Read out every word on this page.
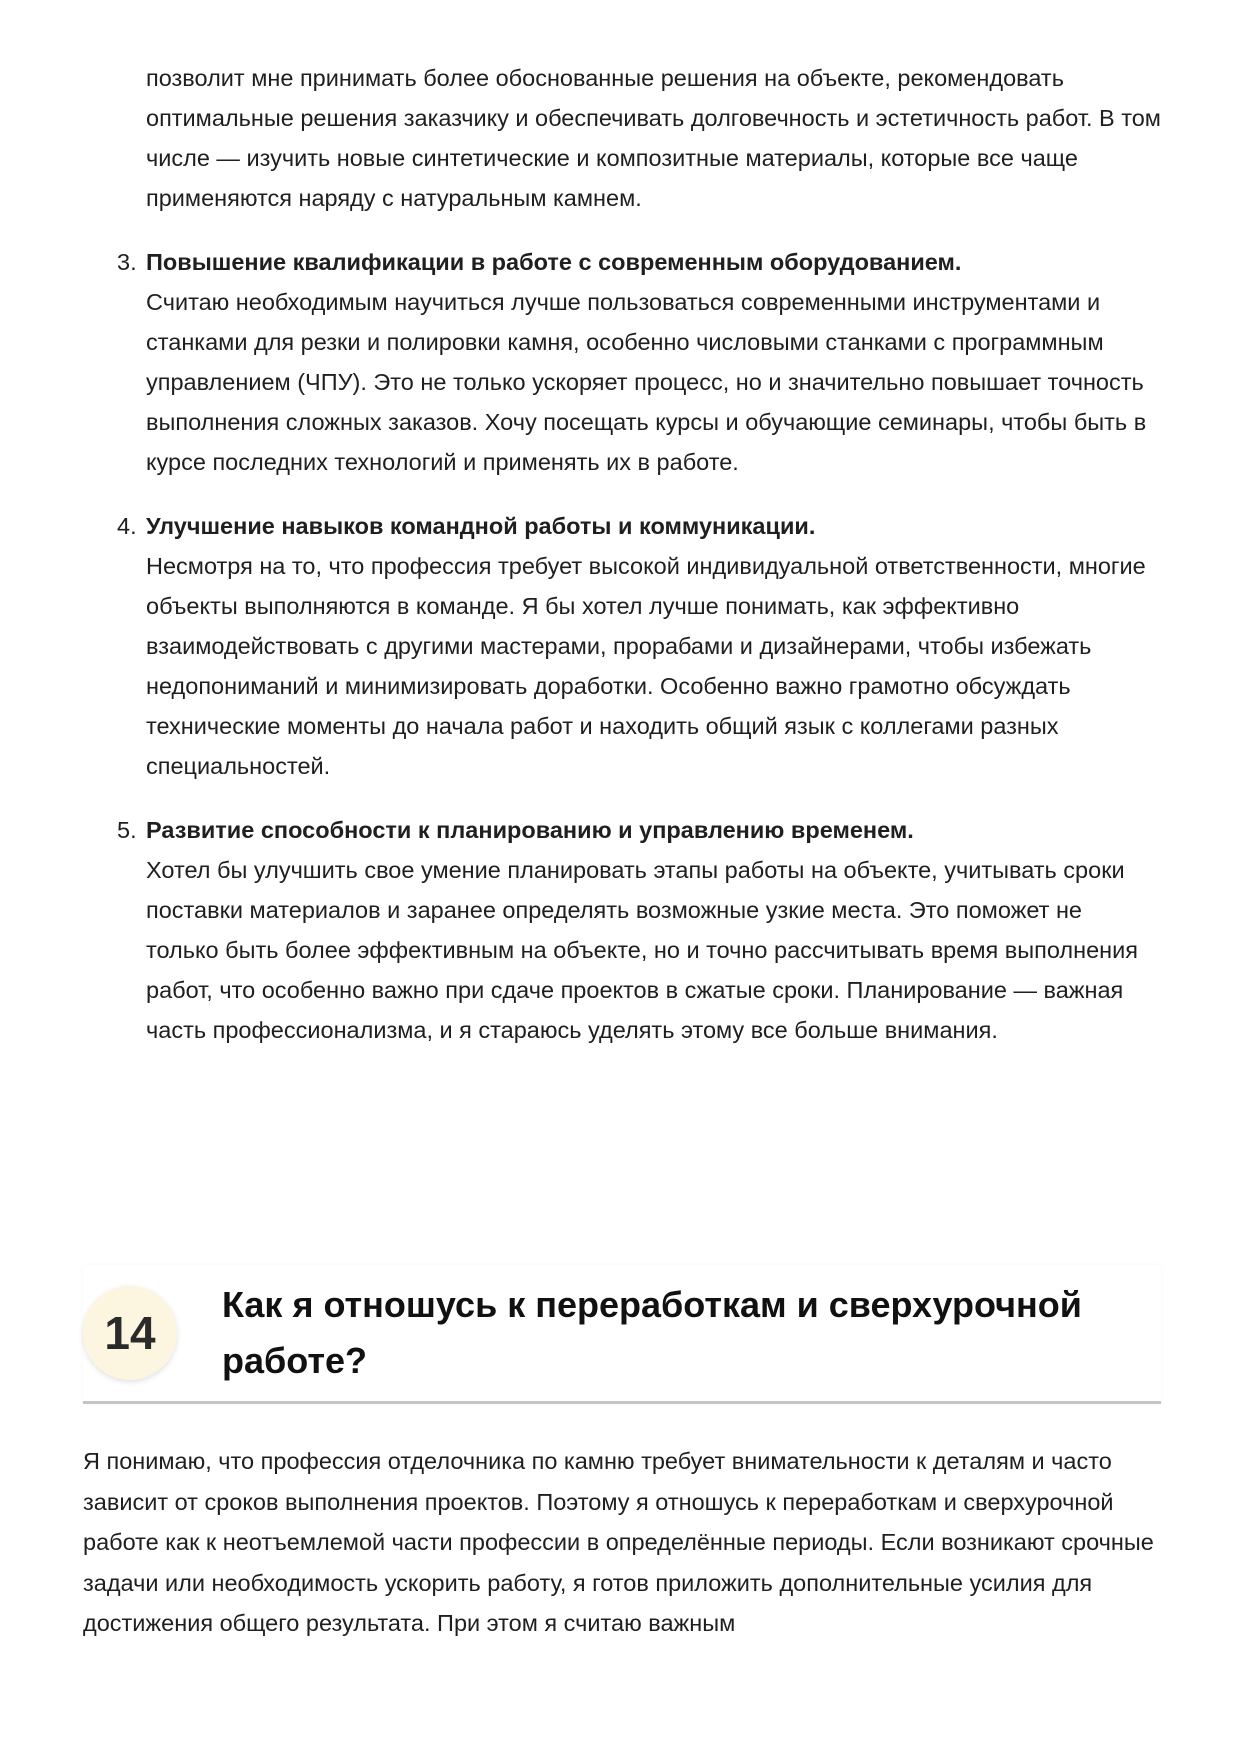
позволит мне принимать более обоснованные решения на объекте, рекомендовать оптимальные решения заказчику и обеспечивать долговечность и эстетичность работ. В том числе — изучить новые синтетические и композитные материалы, которые все чаще применяются наряду с натуральным камнем.

3. Повышение квалификации в работе с современным оборудованием.
Считаю необходимым научиться лучше пользоваться современными инструментами и станками для резки и полировки камня, особенно числовыми станками с программным управлением (ЧПУ). Это не только ускоряет процесс, но и значительно повышает точность выполнения сложных заказов. Хочу посещать курсы и обучающие семинары, чтобы быть в курсе последних технологий и применять их в работе.
4. Улучшение навыков командной работы и коммуникации.
Несмотря на то, что профессия требует высокой индивидуальной ответственности, многие объекты выполняются в команде. Я бы хотел лучше понимать, как эффективно взаимодействовать с другими мастерами, прорабами и дизайнерами, чтобы избежать недопониманий и минимизировать доработки. Особенно важно грамотно обсуждать технические моменты до начала работ и находить общий язык с коллегами разных специальностей.
5. Развитие способности к планированию и управлению временем.
Хотел бы улучшить свое умение планировать этапы работы на объекте, учитывать сроки поставки материалов и заранее определять возможные узкие места. Это поможет не только быть более эффективным на объекте, но и точно рассчитывать время выполнения работ, что особенно важно при сдаче проектов в сжатые сроки. Планирование — важная часть профессионализма, и я стараюсь уделять этому все больше внимания.
14
Как я отношусь к переработкам и сверхурочной работе?

Я понимаю, что профессия отделочника по камню требует внимательности к деталям и часто зависит от сроков выполнения проектов. Поэтому я отношусь к переработкам и сверхурочной работе как к неотъемлемой части профессии в определённые периоды. Если возникают срочные задачи или необходимость ускорить работу, я готов приложить дополнительные усилия для достижения общего результата. При этом я считаю важным
